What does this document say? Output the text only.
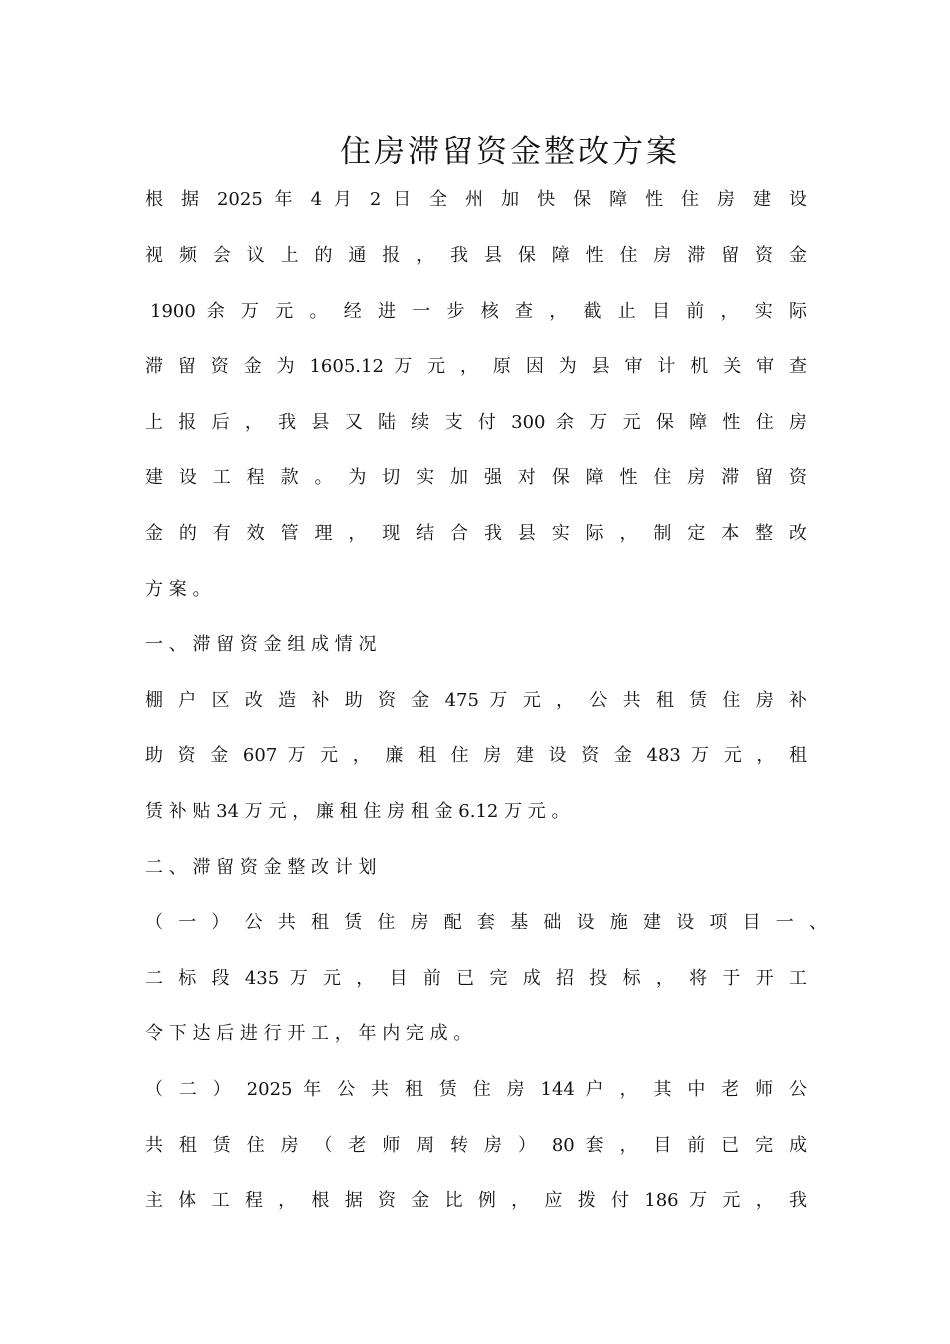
住房滞留资金整改方案
根 据 2025 年 4 月 2 日 全 州 加 快 保 障 性 住 房 建 设
视 频 会 议 上 的 通 报 ， 我 县 保 障 性 住 房 滞 留 资 金
1900 余 万 元 。 经 进 一 步 核 查 ， 截 止 目 前 ， 实 际
滞 留 资 金 为 1605.12 万 元 ， 原 因 为 县 审 计 机 关 审 查
上 报 后 ， 我 县 又 陆 续 支 付 300 余 万 元 保 障 性 住 房
建 设 工 程 款 。 为 切 实 加 强 对 保 障 性 住 房 滞 留 资
金 的 有 效 管 理 ， 现 结 合 我 县 实 际 ， 制 定 本 整 改
方 案 。
一 、 滞 留 资 金 组 成 情 况
棚 户 区 改 造 补 助 资 金 475 万 元 ， 公 共 租 赁 住 房 补
助 资 金 607 万 元 ， 廉 租 住 房 建 设 资 金 483 万 元 ， 租
赁 补 贴 34 万 元 ， 廉 租 住 房 租 金 6.12 万 元 。
二 、 滞 留 资 金 整 改 计 划
（ 一 ） 公 共 租 赁 住 房 配 套 基 础 设 施 建 设 项 目 一 、
二 标 段 435 万 元 ， 目 前 已 完 成 招 投 标 ， 将 于 开 工
令 下 达 后 进 行 开 工 ， 年 内 完 成 。
（ 二 ） 2025 年 公 共 租 赁 住 房 144 户 ， 其 中 老 师 公
共 租 赁 住 房 （ 老 师 周 转 房 ） 80 套 ， 目 前 已 完 成
主 体 工 程 ， 根 据 资 金 比 例 ， 应 拨 付 186 万 元 ， 我
